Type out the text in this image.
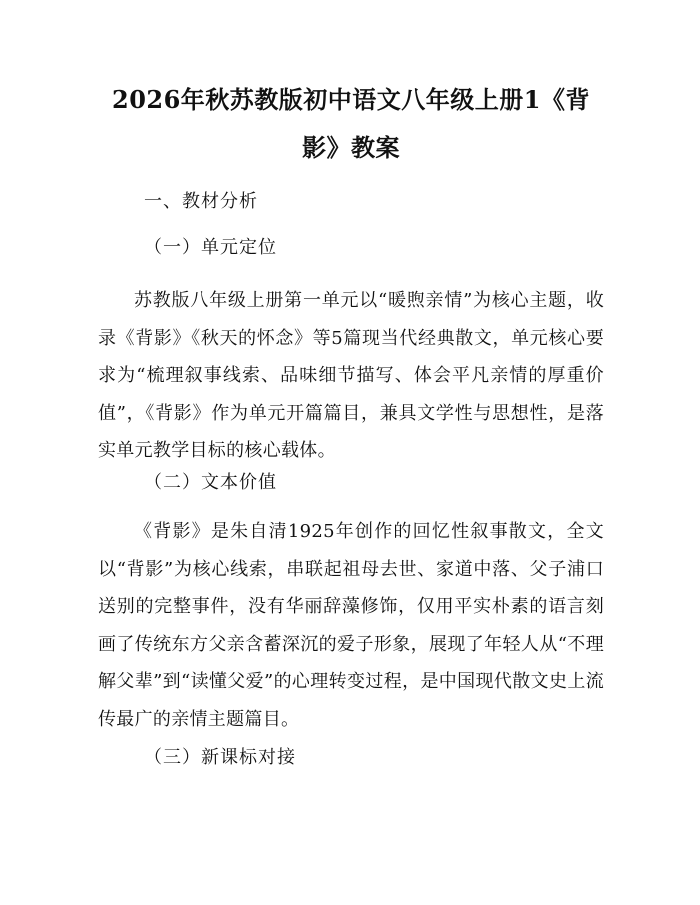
2026年秋苏教版初中语文八年级上册1《背
影》教案
一、教材分析
（一）单元定位

苏教版八年级上册第一单元以“暖煦亲情”为核心主题，收录《背影》《秋天的怀念》等5篇现当代经典散文，单元核心要求为“梳理叙事线索、品味细节描写、体会平凡亲情的厚重价值”，《背影》作为单元开篇篇目，兼具文学性与思想性，是落实单元教学目标的核心载体。

（二）文本价值

《背影》是朱自清1925年创作的回忆性叙事散文，全文以“背影”为核心线索，串联起祖母去世、家道中落、父子浦口送别的完整事件，没有华丽辞藻修饰，仅用平实朴素的语言刻画了传统东方父亲含蓄深沉的爱子形象，展现了年轻人从“不理解父辈”到“读懂父爱”的心理转变过程，是中国现代散文史上流传最广的亲情主题篇目。

（三）新课标对接
